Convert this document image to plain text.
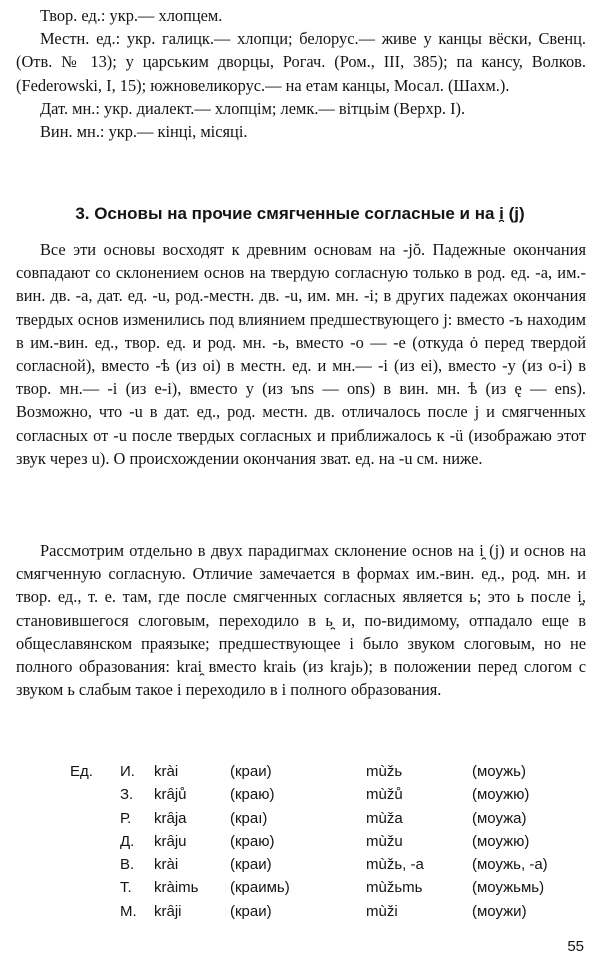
Твор. ед.: укр.— хлопцем.

Местн. ед.: укр. галицк.— хлопци; белорус.— живе у канцы вёски, Свенц. (Отв. № 13); у царським дворцы, Рогач. (Ром., III, 385); па кансу, Волков. (Federowski, I, 15); южновеликорус.— на етам канцы, Мосал. (Шахм.).

Дат. мн.: укр. диалект.— хлопцім; лемк.— вітцьім (Верхр. I).

Вин. мн.: укр.— кінці, місяці.

3. Основы на прочие смягченные согласные и на i̯ (j)

Все эти основы восходят к древним основам на -jŏ. Падежные окончания совпадают со склонением основ на твердую согласную только в род. ед. -a, им.-вин. дв. -a, дат. ед. -u, род.-местн. дв. -u, им. мн. -i; в других падежах окончания твердых основ изменились под влиянием предшествующего j: вместо -ъ находим в им.-вин. ед., твор. ед. и род. мн. -ь, вместо -o — -e (откуда ȯ перед твердой согласной), вместо -ѣ (из oi) в местн. ед. и мн.— -i (из ei), вместо -y (из o-i) в твор. мн.— -i (из e-i), вместо y (из ъns — ons) в вин. мн. ѣ (из ę — ens). Возможно, что -u в дат. ед., род. местн. дв. отличалось после j и смягченных согласных от -u после твердых согласных и приближалось к -ü (изображаю этот звук через u). О происхождении окончания зват. ед. на -u см. ниже.

Рассмотрим отдельно в двух парадигмах склонение основ на i̯ (j) и основ на смягченную согласную. Отличие замечается в формах им.-вин. ед., род. мн. и твор. ед., т. е. там, где после смягченных согласных является ь; это ь после i̯, становившегося слоговым, переходило в ь̯ и, по-видимому, отпадало еще в общеславянском праязыке; предшествующее i было звуком слоговым, но не полного образования: krai̯ вместо kraiь (из krajь); в положении перед слогом с звуком ь слабым такое i переходило в i полного образования.

Ед. И. krài	(краи)	mùžь	(моужь)
З. krȃjů	(краю)	mùžů	(моужю)
Р. krȃja	(краı)	mùža	(моужа)
Д. krȃju	(краю)	mùžu	(моужю)
В. krài	(краи)	mùžь, -a	(моужь, -а)
Т. kràimь (краимь)	mùžьmь	(моужьмь)
М. krȃji	(краи)	mùži	(моужи)
55
